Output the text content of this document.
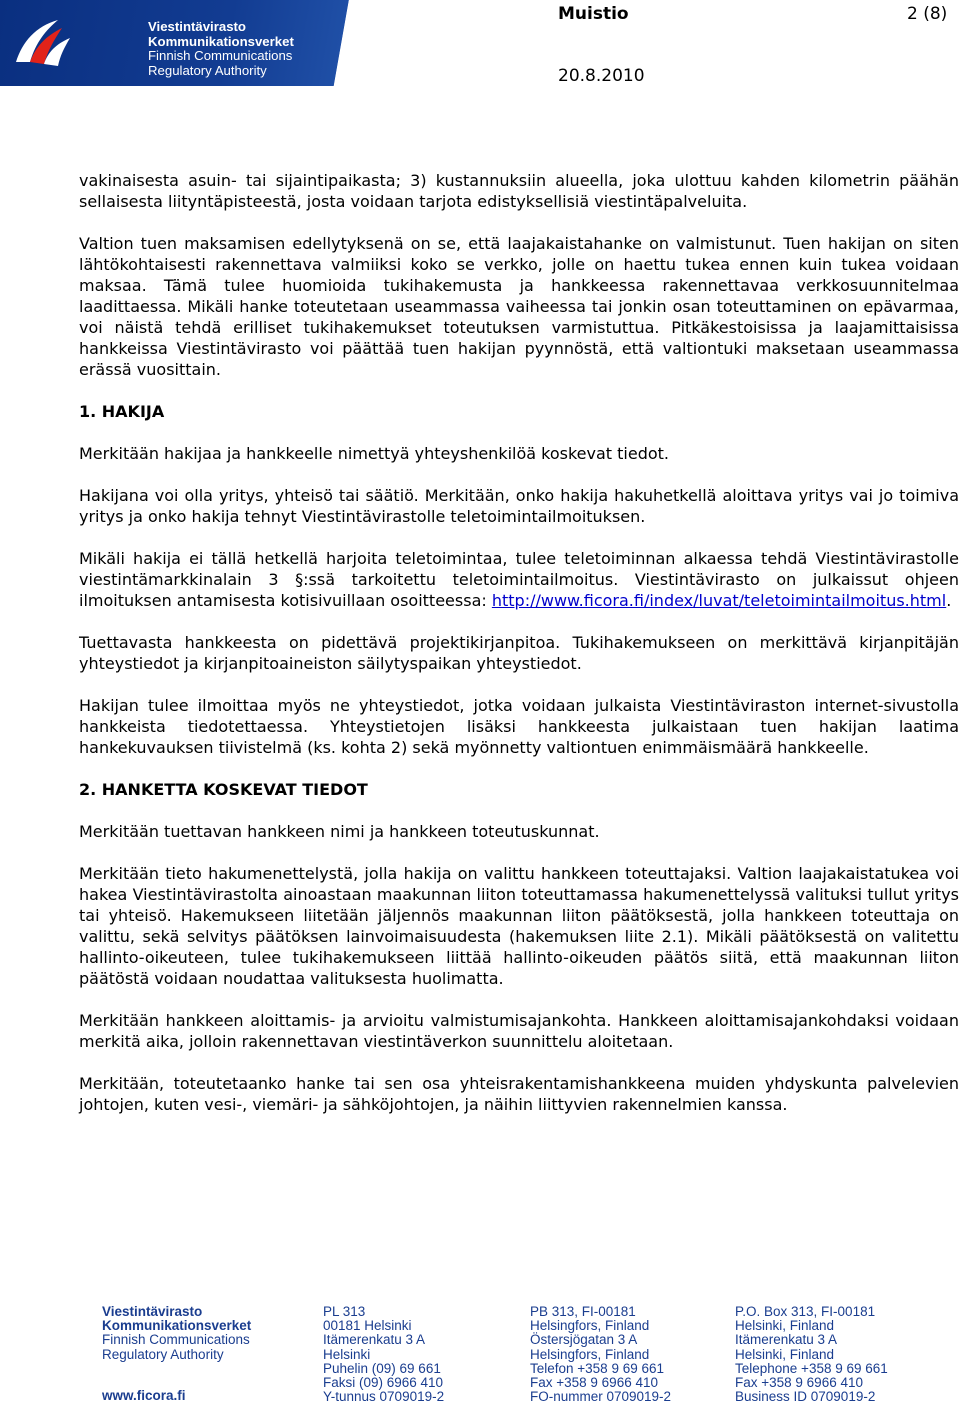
Viestintävirasto
Kommunikationsverket
Finnish Communications
Regulatory Authority
Muistio	2 (8)
20.8.2010

vakinaisesta asuin- tai sijaintipaikasta; 3) kustannuksiin alueella, joka ulottuu kahden kilometrin päähän sellaisesta liityntäpisteestä, josta voidaan tarjota edistyksellisiä viestintäpalveluita.

Valtion tuen maksamisen edellytyksenä on se, että laajakaistahanke on valmistunut. Tuen hakijan on siten lähtökohtaisesti rakennettava valmiiksi koko se verkko, jolle on haettu tukea ennen kuin tukea voidaan maksaa. Tämä tulee huomioida tukihakemusta ja hankkeessa rakennettavaa verkkosuunnitelmaa laadittaessa. Mikäli hanke toteutetaan useammassa vaiheessa tai jonkin osan toteuttaminen on epävarmaa, voi näistä tehdä erilliset tukihakemukset toteutuksen varmistuttua. Pitkäkestoisissa ja laajamittaisissa hankkeissa Viestintävirasto voi päättää tuen hakijan pyynnöstä, että valtiontuki maksetaan useammassa erässä vuosittain.

1. HAKIJA

Merkitään hakijaa ja hankkeelle nimettyä yhteyshenkilöä koskevat tiedot.

Hakijana voi olla yritys, yhteisö tai säätiö. Merkitään, onko hakija hakuhetkellä aloittava yritys vai jo toimiva yritys ja onko hakija tehnyt Viestintävirastolle teletoimintailmoituksen.

Mikäli hakija ei tällä hetkellä harjoita teletoimintaa, tulee teletoiminnan alkaessa tehdä Viestintävirastolle viestintämarkkinalain 3 §:ssä tarkoitettu teletoimintailmoitus. Viestintävirasto on julkaissut ohjeen ilmoituksen antamisesta kotisivuillaan osoitteessa: http://www.ficora.fi/index/luvat/teletoimintailmoitus.html.

Tuettavasta hankkeesta on pidettävä projektikirjanpitoa. Tukihakemukseen on merkittävä kirjanpitäjän yhteystiedot ja kirjanpitoaineiston säilytyspaikan yhteystiedot.

Hakijan tulee ilmoittaa myös ne yhteystiedot, jotka voidaan julkaista Viestintäviraston internet-sivustolla hankkeista tiedotettaessa. Yhteystietojen lisäksi hankkeesta julkaistaan tuen hakijan laatima hankekuvauksen tiivistelmä (ks. kohta 2) sekä myönnetty valtiontuen enimmäismäärä hankkeelle.

2. HANKETTA KOSKEVAT TIEDOT

Merkitään tuettavan hankkeen nimi ja hankkeen toteutuskunnat.

Merkitään tieto hakumenettelystä, jolla hakija on valittu hankkeen toteuttajaksi. Valtion laajakaistatukea voi hakea Viestintävirastolta ainoastaan maakunnan liiton toteuttamassa hakumenettelyssä valituksi tullut yritys tai yhteisö. Hakemukseen liitetään jäljennös maakunnan liiton päätöksestä, jolla hankkeen toteuttaja on valittu, sekä selvitys päätöksen lainvoimaisuudesta (hakemuksen liite 2.1). Mikäli päätöksestä on valitettu hallinto-oikeuteen, tulee tukihakemukseen liittää hallinto-oikeuden päätös siitä, että maakunnan liiton päätöstä voidaan noudattaa valituksesta huolimatta.

Merkitään hankkeen aloittamis- ja arvioitu valmistumisajankohta. Hankkeen aloittamisajankohdaksi voidaan merkitä aika, jolloin rakennettavan viestintäverkon suunnittelu aloitetaan.

Merkitään, toteutetaanko hanke tai sen osa yhteisrakentamishankkeena muiden yhdyskunta palvelevien johtojen, kuten vesi-, viemäri- ja sähköjohtojen, ja näihin liittyvien rakennelmien kanssa.

Viestintävirasto
Kommunikationsverket
Finnish Communications
Regulatory Authority
www.ficora.fi
PL 313
00181 Helsinki
Itämerenkatu 3 A
Helsinki
Puhelin (09) 69 661
Faksi (09) 6966 410
Y-tunnus 0709019-2
PB 313, FI-00181
Helsingfors, Finland
Östersjögatan 3 A
Helsingfors, Finland
Telefon +358 9 69 661
Fax +358 9 6966 410
FO-nummer 0709019-2
P.O. Box 313, FI-00181
Helsinki, Finland
Itämerenkatu 3 A
Helsinki, Finland
Telephone +358 9 69 661
Fax +358 9 6966 410
Business ID 0709019-2
